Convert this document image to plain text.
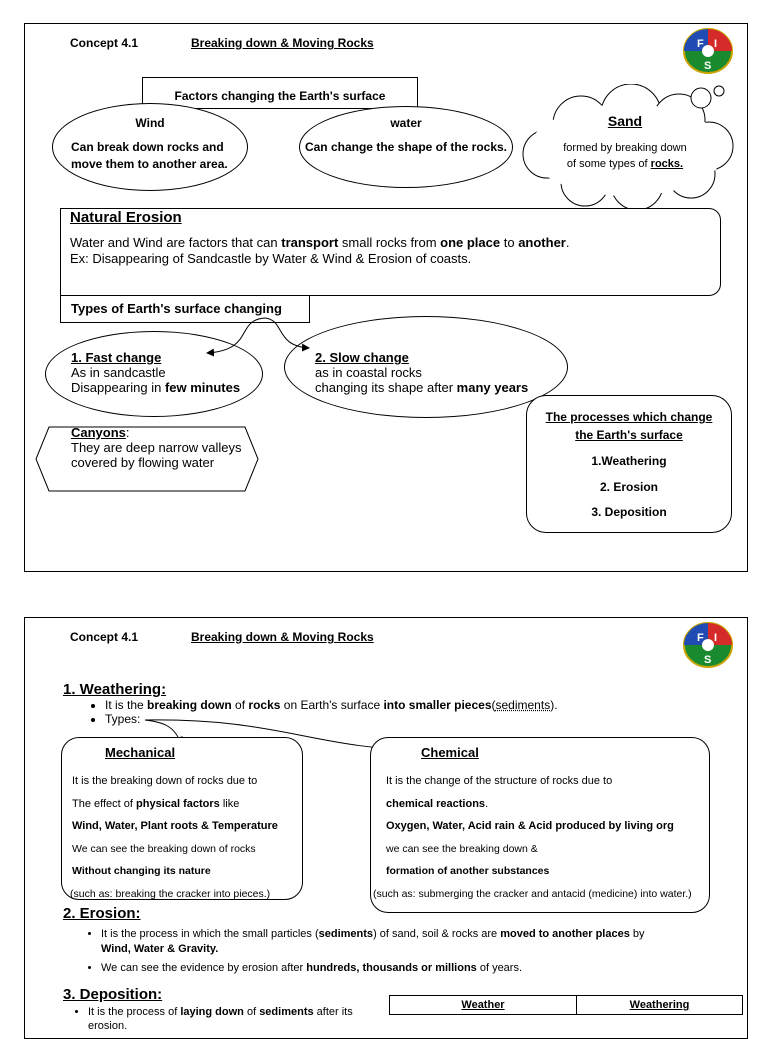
Concept 4.1	Breaking down & Moving Rocks	F I
S
Factors changing the Earth's surface
Wind
Can break down rocks and move them to another area.
water
Can change the shape of the rocks.
Sand
formed by breaking down
of some types of rocks.
Natural Erosion
Water and Wind are factors that can transport small rocks from one place to another.
Ex: Disappearing of Sandcastle by Water & Wind & Erosion of coasts.
Types of Earth's surface changing
1. Fast change
As in sandcastle
Disappearing in few minutes
2. Slow change
as in coastal rocks
changing its shape after many years
Canyons:
They are deep narrow valleys
covered by flowing water
The processes which change
the Earth's surface
1.Weathering
2. Erosion
3. Deposition
Concept 4.1	Breaking down & Moving Rocks	F I
S
1. Weathering:
• It is the breaking down of rocks on Earth's surface into smaller pieces(sediments).
• Types:
Mechanical
It is the breaking down of rocks due to
The effect of physical factors like
Wind, Water, Plant roots & Temperature
We can see the breaking down of rocks
Without changing its nature
(such as: breaking the cracker into pieces.)
Chemical
It is the change of the structure of rocks due to
chemical reactions.
Oxygen, Water, Acid rain & Acid produced by living org
we can see the breaking down &
formation of another substances
(such as: submerging the cracker and antacid (medicine) into water.)
2. Erosion:
• It is the process in which the small particles (sediments) of sand, soil & rocks are moved to another places by
Wind, Water & Gravity.
• We can see the evidence by erosion after hundreds, thousands or millions of years.
3. Deposition:
• It is the process of laying down of sediments after its
erosion.
Weather	Weathering
